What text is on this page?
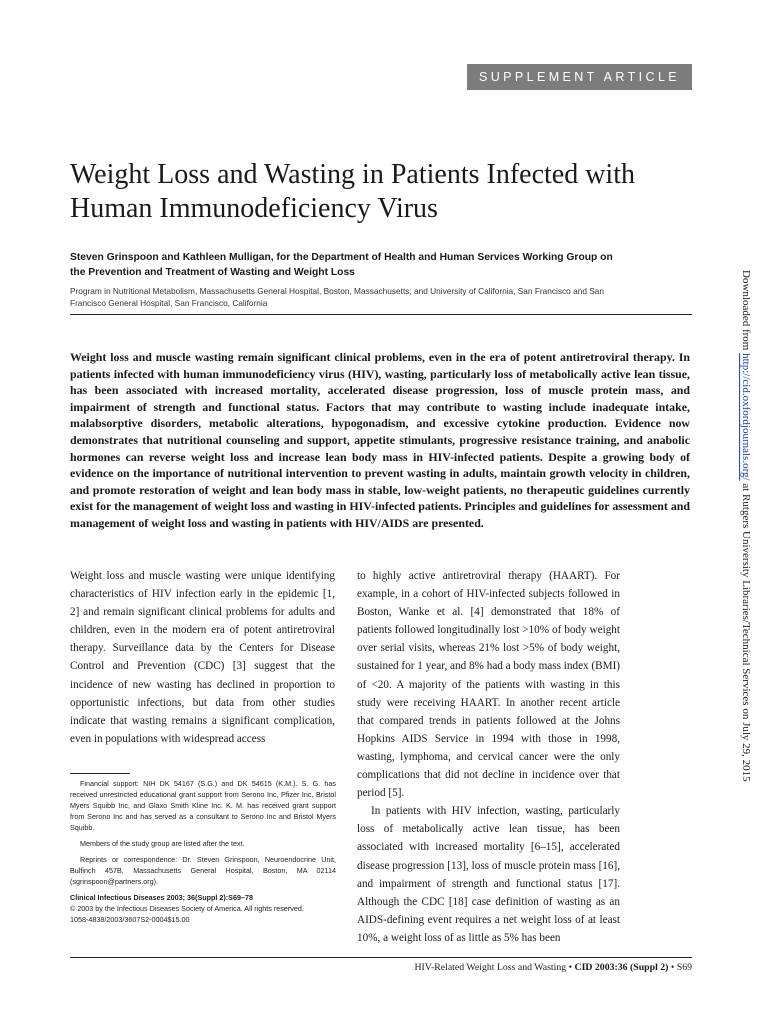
SUPPLEMENT ARTICLE
Weight Loss and Wasting in Patients Infected with Human Immunodeficiency Virus
Steven Grinspoon and Kathleen Mulligan, for the Department of Health and Human Services Working Group on the Prevention and Treatment of Wasting and Weight Loss
Program in Nutritional Metabolism, Massachusetts General Hospital, Boston, Massachusetts; and University of California, San Francisco and San Francisco General Hospital, San Francisco, California

Weight loss and muscle wasting remain significant clinical problems, even in the era of potent antiretroviral therapy. In patients infected with human immunodeficiency virus (HIV), wasting, particularly loss of metabolically active lean tissue, has been associated with increased mortality, accelerated disease progression, loss of muscle protein mass, and impairment of strength and functional status. Factors that may contribute to wasting include inadequate intake, malabsorptive disorders, metabolic alterations, hypogonadism, and excessive cytokine production. Evidence now demonstrates that nutritional counseling and support, appetite stimulants, progressive resistance training, and anabolic hormones can reverse weight loss and increase lean body mass in HIV-infected patients. Despite a growing body of evidence on the importance of nutritional intervention to prevent wasting in adults, maintain growth velocity in children, and promote restoration of weight and lean body mass in stable, low-weight patients, no therapeutic guidelines currently exist for the management of weight loss and wasting in HIV-infected patients. Principles and guidelines for assessment and management of weight loss and wasting in patients with HIV/AIDS are presented.

Weight loss and muscle wasting were unique identifying characteristics of HIV infection early in the epidemic [1, 2] and remain significant clinical problems for adults and children, even in the modern era of potent antiretroviral therapy. Surveillance data by the Centers for Disease Control and Prevention (CDC) [3] suggest that the incidence of new wasting has declined in proportion to opportunistic infections, but data from other studies indicate that wasting remains a significant complication, even in populations with widespread access

to highly active antiretroviral therapy (HAART). For example, in a cohort of HIV-infected subjects followed in Boston, Wanke et al. [4] demonstrated that 18% of patients followed longitudinally lost >10% of body weight over serial visits, whereas 21% lost >5% of body weight, sustained for 1 year, and 8% had a body mass index (BMI) of <20. A majority of the patients with wasting in this study were receiving HAART. In another recent article that compared trends in patients followed at the Johns Hopkins AIDS Service in 1994 with those in 1998, wasting, lymphoma, and cervical cancer were the only complications that did not decline in incidence over that period [5].

In patients with HIV infection, wasting, particularly loss of metabolically active lean tissue, has been associated with increased mortality [6–15], accelerated disease progression [13], loss of muscle protein mass [16], and impairment of strength and functional status [17]. Although the CDC [18] case definition of wasting as an AIDS-defining event requires a net weight loss of at least 10%, a weight loss of as little as 5% has been

Financial support: NIH DK 54167 (S.G.) and DK 54615 (K.M.). S. G. has received unrestricted educational grant support from Serono Inc, Pfizer Inc, Bristol Myers Squibb Inc, and Glaxo Smith Kline Inc. K. M. has received grant support from Serono Inc and has served as a consultant to Serono Inc and Bristol Myers Squibb.

Members of the study group are listed after the text.

Reprints or correspondence: Dr. Steven Grinspoon, Neuroendocrine Unit, Bulfinch 457B, Massachusetts General Hospital, Boston, MA 02114 (sgrinspoon@partners.org).

Clinical Infectious Diseases 2003; 36(Suppl 2):S69–78

© 2003 by the Infectious Diseases Society of America. All rights reserved.

1058-4838/2003/3607S2-0004$15.00

HIV-Related Weight Loss and Wasting • CID 2003:36 (Suppl 2) • S69
Downloaded from http://cid.oxfordjournals.org/ at Rutgers University Libraries/Technical Services on July 29, 2015
